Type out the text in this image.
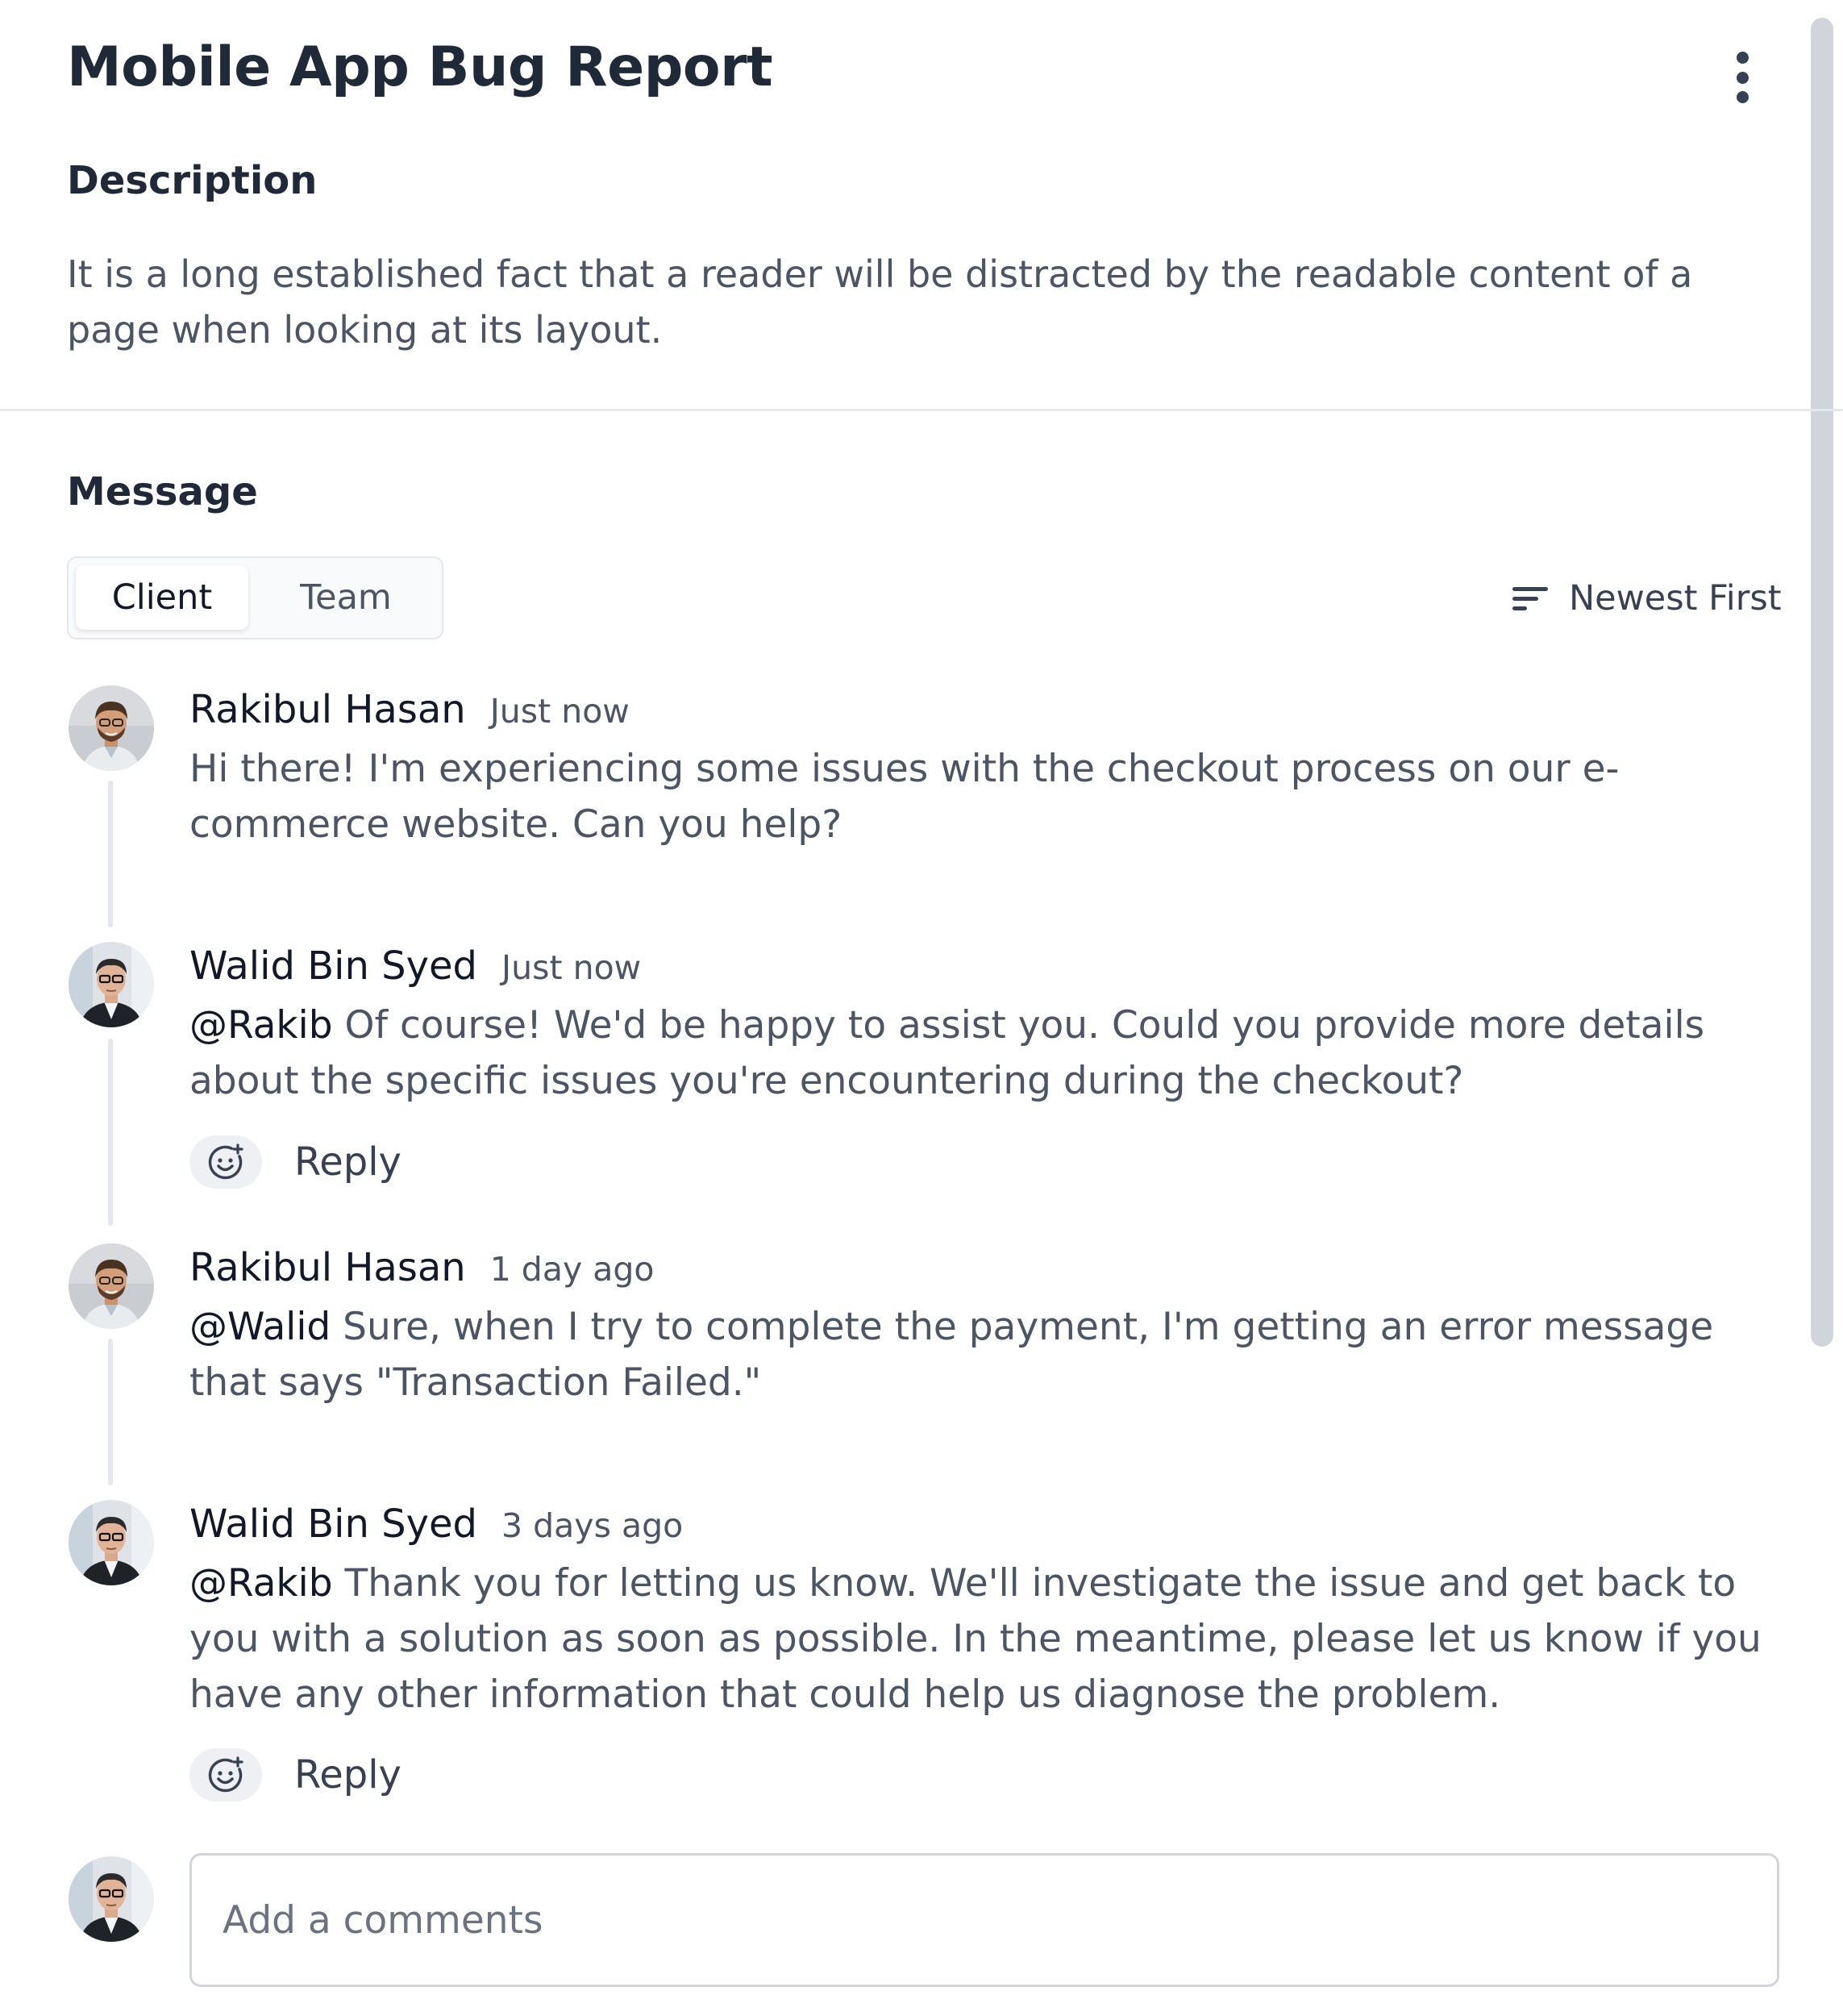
Mobile App Bug Report
Description
It is a long established fact that a reader will be distracted by the readable content of a page when looking at its layout.
Message
Client	Team	Newest First
Rakibul Hasan Just now
Hi there! I'm experiencing some issues with the checkout process on our e-commerce website. Can you help?
Walid Bin Syed Just now
@Rakib Of course! We'd be happy to assist you. Could you provide more details about the specific issues you're encountering during the checkout?
Reply
Rakibul Hasan 1 day ago
@Walid Sure, when I try to complete the payment, I'm getting an error message that says "Transaction Failed."
Walid Bin Syed 3 days ago
@Rakib Thank you for letting us know. We'll investigate the issue and get back to you with a solution as soon as possible. In the meantime, please let us know if you have any other information that could help us diagnose the problem.
Reply
Add a comments
